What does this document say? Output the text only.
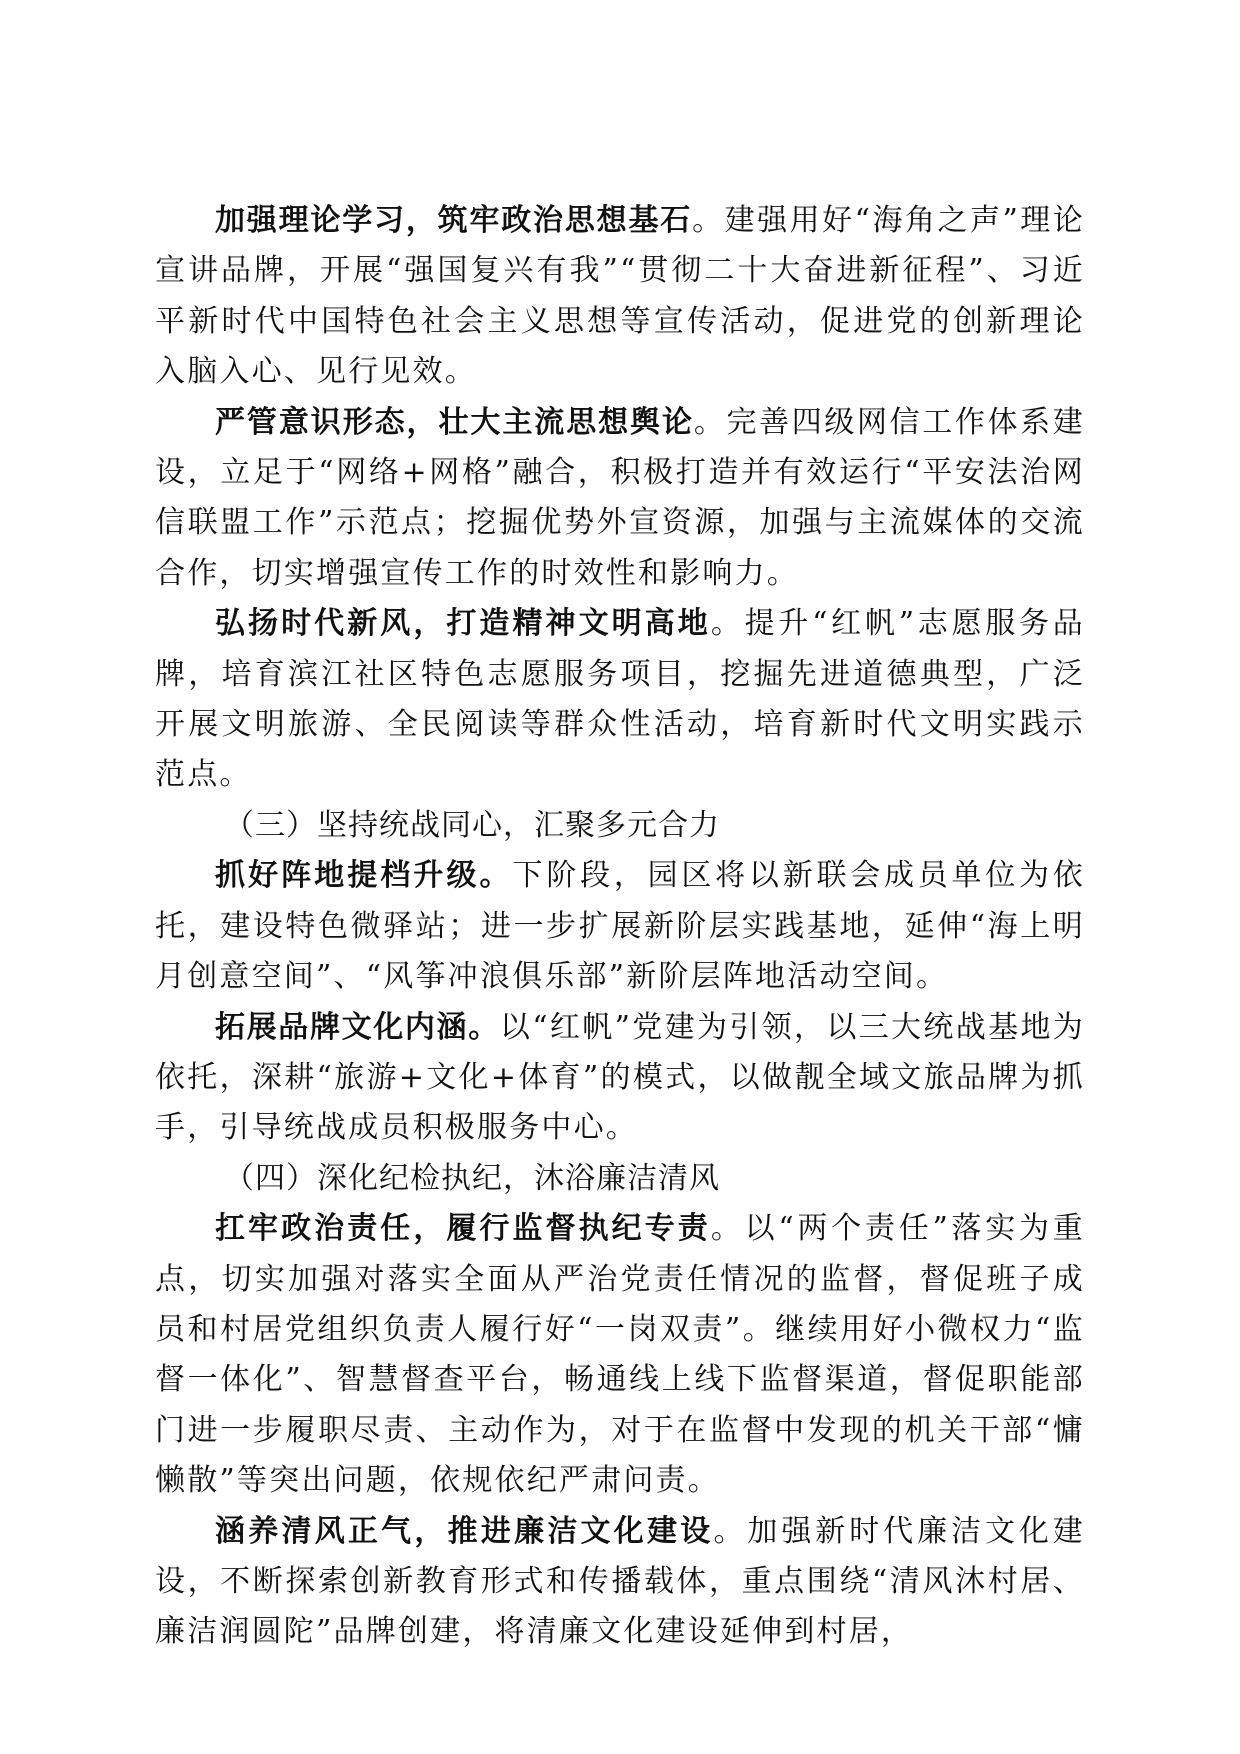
加强理论学习，筑牢政治思想基石。建强用好“海角之声”理论宣讲品牌，开展“强国复兴有我”“贯彻二十大奋进新征程”、习近平新时代中国特色社会主义思想等宣传活动，促进党的创新理论入脑入心、见行见效。

严管意识形态，壮大主流思想舆论。完善四级网信工作体系建设，立足于“网络+网格”融合，积极打造并有效运行“平安法治网信联盟工作”示范点；挖掘优势外宣资源，加强与主流媒体的交流合作，切实增强宣传工作的时效性和影响力。

弘扬时代新风，打造精神文明高地。提升“红帆”志愿服务品牌，培育滨江社区特色志愿服务项目，挖掘先进道德典型，广泛开展文明旅游、全民阅读等群众性活动，培育新时代文明实践示范点。

（三）坚持统战同心，汇聚多元合力

抓好阵地提档升级。下阶段，园区将以新联会成员单位为依托，建设特色微驿站；进一步扩展新阶层实践基地，延伸“海上明月创意空间”、“风筝冲浪俱乐部”新阶层阵地活动空间。

拓展品牌文化内涵。以“红帆”党建为引领，以三大统战基地为依托，深耕“旅游+文化+体育”的模式，以做靓全域文旅品牌为抓手，引导统战成员积极服务中心。

（四）深化纪检执纪，沐浴廉洁清风

扛牢政治责任，履行监督执纪专责。以“两个责任”落实为重点，切实加强对落实全面从严治党责任情况的监督，督促班子成员和村居党组织负责人履行好“一岗双责”。继续用好小微权力“监督一体化”、智慧督查平台，畅通线上线下监督渠道，督促职能部门进一步履职尽责、主动作为，对于在监督中发现的机关干部“慵懒散”等突出问题，依规依纪严肃问责。

涵养清风正气，推进廉洁文化建设。加强新时代廉洁文化建设，不断探索创新教育形式和传播载体，重点围绕“清风沐村居、廉洁润圆陀”品牌创建，将清廉文化建设延伸到村居，
